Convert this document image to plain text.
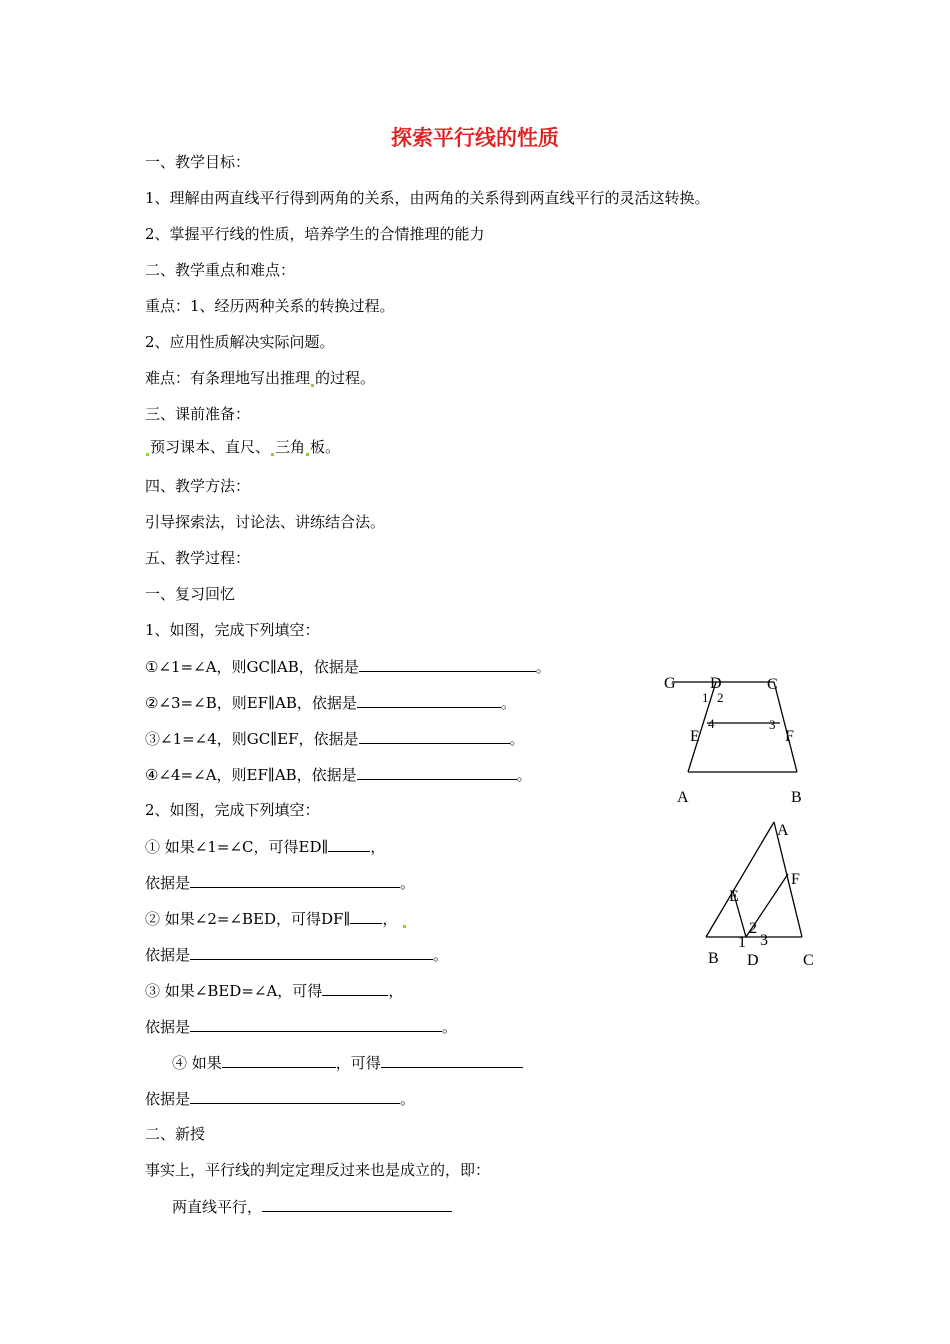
探索平行线的性质
一、教学目标：
1、理解由两直线平行得到两角的关系，由两角的关系得到两直线平行的灵活这转换。
2、掌握平行线的性质，培养学生的合情推理的能力
二、教学重点和难点：
重点：1、经历两种关系的转换过程。
2、应用性质解决实际问题。
难点：有条理地写出推理 的过程。
三、课前准备：
预习课本、直尺、 三角 板。
四、教学方法：
引导探索法，讨论法、讲练结合法。
五、教学过程：
一、复习回忆
1、如图，完成下列填空：
①∠1=∠A，则GC∥AB，依据是	。
②∠3=∠B，则EF∥AB，依据是	。
③∠1=∠4，则GC∥EF，依据是	。
④∠4=∠A，则EF∥AB，依据是	。
2、如图，完成下列填空：
① 如果∠1=∠C，可得ED∥	，
依据是	。
② 如果∠2=∠BED，可得DF∥ ，
依据是	。
③ 如果∠BED=∠A，可得	，
依据是	。
④ 如果	，可得
依据是	。
二、新授
事实上，平行线的判定定理反过来也是成立的，即：
两直线平行，
G D	C
1 2
4	3
E	F
A	B
A
F
E
2
1 3
B D	C
